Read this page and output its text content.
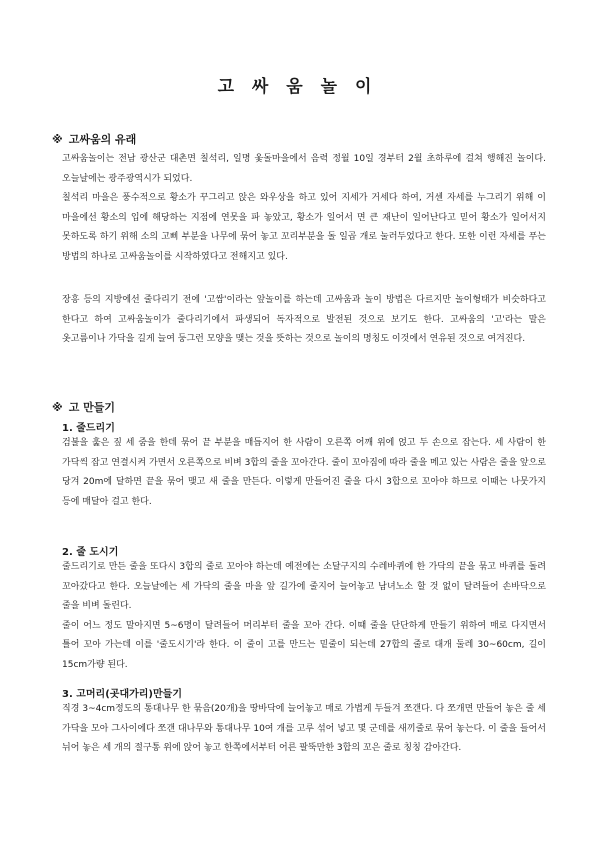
고 싸 움 놀 이
※ 고싸움의 유래

고싸움놀이는 전남 광산군 대촌면 칠석리, 일명 옻돌마을에서 음력 정월 10일 경부터 2월 초하루에 걸쳐 행해진 놀이다. 오늘날에는 광주광역시가 되었다.

칠석리 마을은 풍수적으로 황소가 꾸그리고 앉은 와우상을 하고 있어 지세가 거세다 하여, 거센 자세를 누그리기 위해 이 마을에선 황소의 입에 해당하는 지점에 연못을 파 놓았고, 황소가 일어서 면 큰 재난이 일어난다고 믿어 황소가 일어서지 못하도록 하기 위해 소의 고삐 부분을 나무에 묶어 놓고 꼬리부분을 돌 일곱 개로 눌러두었다고 한다. 또한 이런 자세를 푸는 방법의 하나로 고싸움놀이를 시작하였다고 전해지고 있다.

장흥 등의 지방에선 줄다리기 전에 '고쌈'이라는 앞놀이를 하는데 고싸움과 놀이 방법은 다르지만 놀이형태가 비슷하다고 한다고 하여 고싸움놀이가 줄다리기에서 파생되어 독자적으로 발전된 것으로 보기도 한다. 고싸움의 '고'라는 말은 옷고름이나 가닥을 길게 늘여 둥그런 모양을 맺는 것을 뜻하는 것으로 놀이의 명칭도 이것에서 연유된 것으로 여겨진다.

※ 고 만들기
1. 줄드리기

검불을 훑은 짚 세 줌을 한데 묶어 끝 부분을 매듭지어 한 사람이 오른쪽 어깨 위에 얹고 두 손으로 잡는다. 세 사람이 한 가닥씩 잡고 연결시켜 가면서 오른쪽으로 비벼 3합의 줄을 꼬아간다. 줄이 꼬아짐에 따라 줄을 메고 있는 사람은 줄을 앞으로 당겨 20m에 달하면 끝을 묶어 맺고 새 줄을 만든다. 이렇게 만들어진 줄을 다시 3합으로 꼬아야 하므로 이때는 나뭇가지 등에 매달아 걸고 한다.

2. 줄 도시기

줄드리기로 만든 줄을 또다시 3합의 줄로 꼬아야 하는데 예전에는 소달구지의 수레바퀴에 한 가닥의 끝을 묶고 바퀴를 돌려 꼬아갔다고 한다. 오늘날에는 세 가닥의 줄을 마을 앞 길가에 줄지어 늘어놓고 남녀노소 할 것 없이 달려들어 손바닥으로 줄을 비벼 돌린다.

줄이 어느 정도 말아지면 5~6명이 달려들어 머리부터 줄을 꼬아 간다. 이때 줄을 단단하게 만들기 위하여 매로 다지면서 틀어 꼬아 가는데 이를 '줄도시기'라 한다. 이 줄이 고를 만드는 밑줄이 되는데 27합의 줄로 대개 둘레 30~60cm, 길이 15cm가량 된다.

3. 고머리(곳대가리)만들기

직경 3~4cm정도의 통대나무 한 묶음(20개)을 땅바닥에 늘어놓고 매로 가볍게 두들겨 쪼갠다. 다 쪼개면 만들어 놓은 줄 세 가닥을 모아 그사이에다 쪼갠 대나무와 통대나무 10여 개를 고루 섞어 넣고 몇 군데를 새끼줄로 묶어 놓는다. 이 줄을 들어서 뉘어 놓은 세 개의 절구통 위에 앉어 놓고 한쪽에서부터 어른 팔뚝만한 3합의 꼬은 줄로 칭칭 감아간다.
